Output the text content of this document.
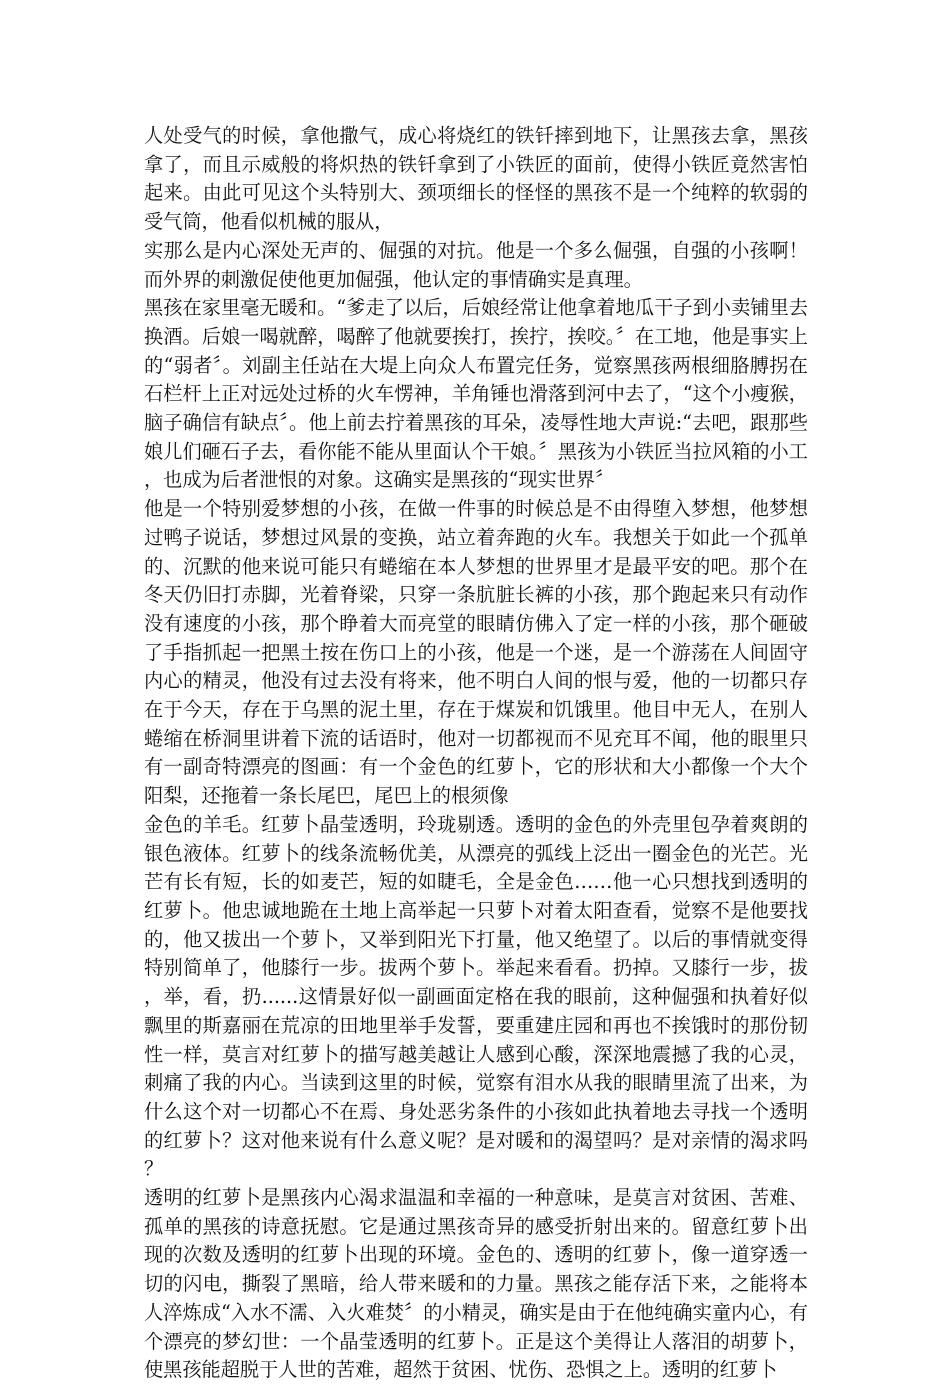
人处受气的时候，拿他撒气，成心将烧红的铁钎摔到地下，让黑孩去拿，黑孩拿了，而且示威般的将炽热的铁钎拿到了小铁匠的面前，使得小铁匠竟然害怕起来。由此可见这个头特别大、颈项细长的怪怪的黑孩不是一个纯粹的软弱的受气筒，他看似机械的服从，

实那么是内心深处无声的、倔强的对抗。他是一个多么倔强，自强的小孩啊！而外界的刺激促使他更加倔强，他认定的事情确实是真理。

黑孩在家里毫无暖和。“爹走了以后，后娘经常让他拿着地瓜干子到小卖铺里去换酒。后娘一喝就醉，喝醉了他就要挨打，挨拧，挨咬。〞在工地，他是事实上的“弱者〞。刘副主任站在大堤上向众人布置完任务，觉察黑孩两根细胳膊拐在石栏杆上正对远处过桥的火车愣神，羊角锤也滑落到河中去了，“这个小瘦猴，脑子确信有缺点〞。他上前去拧着黑孩的耳朵，凌辱性地大声说:“去吧，跟那些娘儿们砸石子去，看你能不能从里面认个干娘。〞黑孩为小铁匠当拉风箱的小工，也成为后者泄恨的对象。这确实是黑孩的“现实世界〞

他是一个特别爱梦想的小孩，在做一件事的时候总是不由得堕入梦想，他梦想过鸭子说话，梦想过风景的变换，站立着奔跑的火车。我想关于如此一个孤单的、沉默的他来说可能只有蜷缩在本人梦想的世界里才是最平安的吧。那个在冬天仍旧打赤脚，光着脊梁，只穿一条肮脏长裤的小孩，那个跑起来只有动作没有速度的小孩，那个睁着大而亮堂的眼睛仿佛入了定一样的小孩，那个砸破了手指抓起一把黑土按在伤口上的小孩，他是一个迷，是一个游荡在人间固守内心的精灵，他没有过去没有将来，他不明白人间的恨与爱，他的一切都只存在于今天，存在于乌黑的泥土里，存在于煤炭和饥饿里。他目中无人，在别人蜷缩在桥洞里讲着下流的话语时，他对一切都视而不见充耳不闻，他的眼里只有一副奇特漂亮的图画：有一个金色的红萝卜，它的形状和大小都像一个大个阳梨，还拖着一条长尾巴，尾巴上的根须像

金色的羊毛。红萝卜晶莹透明，玲珑剔透。透明的金色的外壳里包孕着爽朗的银色液体。红萝卜的线条流畅优美，从漂亮的弧线上泛出一圈金色的光芒。光芒有长有短，长的如麦芒，短的如睫毛，全是金色……他一心只想找到透明的红萝卜。他忠诚地跪在土地上高举起一只萝卜对着太阳查看，觉察不是他要找的，他又拔出一个萝卜，又举到阳光下打量，他又绝望了。以后的事情就变得特别简单了，他膝行一步。拔两个萝卜。举起来看看。扔掉。又膝行一步，拔，举，看，扔......这情景好似一副画面定格在我的眼前，这种倔强和执着好似飘里的斯嘉丽在荒凉的田地里举手发誓，要重建庄园和再也不挨饿时的那份韧性一样，莫言对红萝卜的描写越美越让人感到心酸，深深地震撼了我的心灵，刺痛了我的内心。当读到这里的时候，觉察有泪水从我的眼睛里流了出来，为什么这个对一切都心不在焉、身处恶劣条件的小孩如此执着地去寻找一个透明的红萝卜？这对他来说有什么意义呢？是对暖和的渴望吗？是对亲情的渴求吗？

透明的红萝卜是黑孩内心渴求温温和幸福的一种意味，是莫言对贫困、苦难、孤单的黑孩的诗意抚慰。它是通过黑孩奇异的感受折射出来的。留意红萝卜出现的次数及透明的红萝卜出现的环境。金色的、透明的红萝卜，像一道穿透一切的闪电，撕裂了黑暗，给人带来暖和的力量。黑孩之能存活下来，之能将本人淬炼成“入水不濡、入火难焚〞的小精灵，确实是由于在他纯确实童内心，有个漂亮的梦幻世：一个晶莹透明的红萝卜。正是这个美得让人落泪的胡萝卜，使黑孩能超脱于人世的苦难，超然于贫困、忧伤、恐惧之上。透明的红萝卜
